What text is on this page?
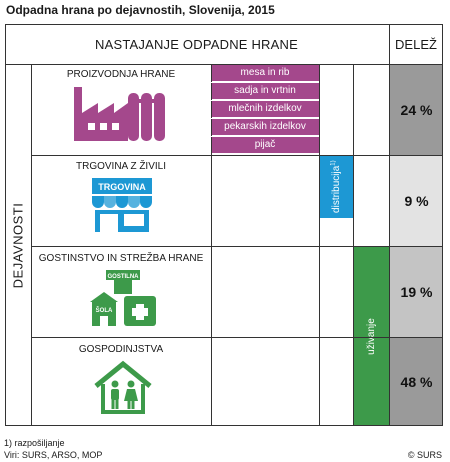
Odpadna hrana po dejavnostih, Slovenija, 2015
distribucija$^{1)}$
uživanje
mesa in rib
sadja in vrtnin
mlečnih izdelkov
pekarskih izdelkov
pijač
NASTAJANJE ODPADNE HRANE	DELEŽ
DEJAVNOSTI
PROIZVODNJA HRANE
TRGOVINA Z ŽIVILI
GOSTINSTVO IN STREŽBA HRANE
GOSPODINJSTVA
TRGOVINA
GOSTILNA
ŠOLA
24 %
9 %
19 %
48 %
1) razpošiljanje
Viri: SURS, ARSO, MOP	© SURS
